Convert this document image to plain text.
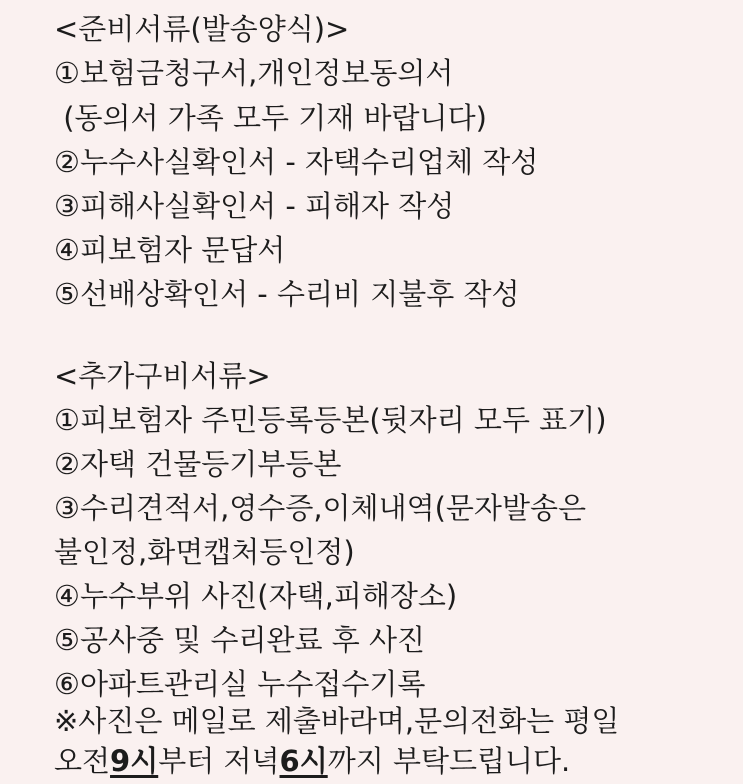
<준비서류(발송양식)>
①보험금청구서,개인정보동의서
(동의서 가족 모두 기재 바랍니다)
②누수사실확인서 - 자택수리업체 작성
③피해사실확인서 - 피해자 작성
④피보험자 문답서
⑤선배상확인서 - 수리비 지불후 작성
<추가구비서류>
①피보험자 주민등록등본(뒷자리 모두 표기)
②자택 건물등기부등본
③수리견적서,영수증,이체내역(문자발송은
불인정,화면캡처등인정)
④누수부위 사진(자택,피해장소)
⑤공사중 및 수리완료 후 사진
⑥아파트관리실 누수접수기록
※사진은 메일로 제출바라며,문의전화는 평일
오전9시부터 저녁6시까지 부탁드립니다.
